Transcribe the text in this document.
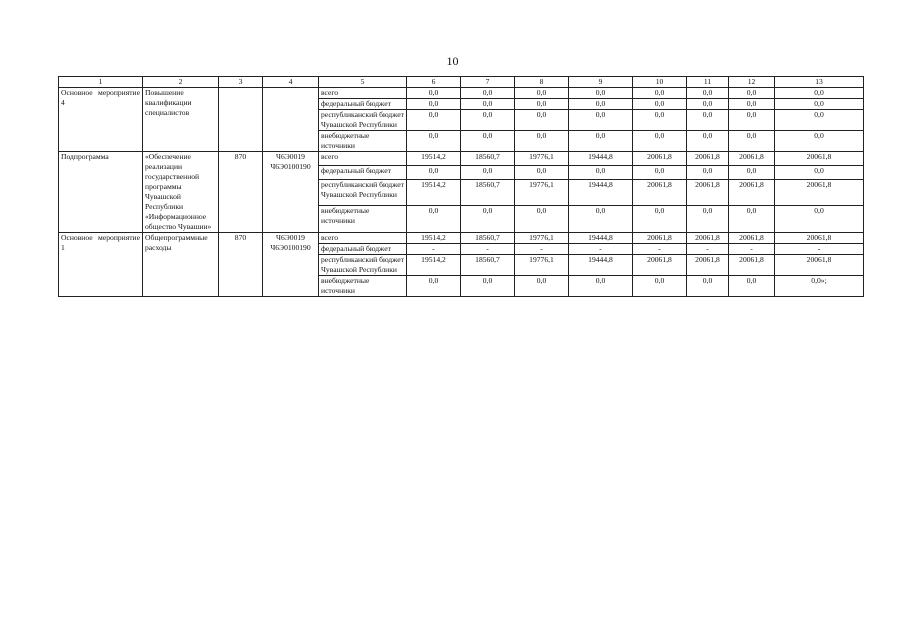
10
1	2	3	4	5	6	7	8	9	10	11	12	13
Основное мероприятие 4	Повышение квалификации специалистов			всего	0,0	0,0	0,0	0,0	0,0	0,0	0,0	0,0
				федеральный бюджет	0,0	0,0	0,0	0,0	0,0	0,0	0,0	0,0
				республиканский бюджет Чувашской Республики	0,0	0,0	0,0	0,0	0,0	0,0	0,0	0,0
				внебюджетные источники	0,0	0,0	0,0	0,0	0,0	0,0	0,0	0,0
Подпрограмма	«Обеспечение реализации государственной программы Чувашской Республики «Информационное общество Чувашии»	870	Ч6Э0019 Ч6Э0100190	всего	19514,2	18560,7	19776,1	19444,8	20061,8	20061,8	20061,8	20061,8
				федеральный бюджет	0,0	0,0	0,0	0,0	0,0	0,0	0,0	0,0
				республиканский бюджет Чувашской Республики	19514,2	18560,7	19776,1	19444,8	20061,8	20061,8	20061,8	20061,8
				внебюджетные источники	0,0	0,0	0,0	0,0	0,0	0,0	0,0	0,0
Основное мероприятие 1	Общепрограммные расходы	870	Ч6Э0019 Ч6Э0100190	всего	19514,2	18560,7	19776,1	19444,8	20061,8	20061,8	20061,8	20061,8
				федеральный бюджет	-	-	-	-	-	-	-	-
				республиканский бюджет Чувашской Республики	19514,2	18560,7	19776,1	19444,8	20061,8	20061,8	20061,8	20061,8
				внебюджетные источники	0,0	0,0	0,0	0,0	0,0	0,0	0,0	0,0»;
